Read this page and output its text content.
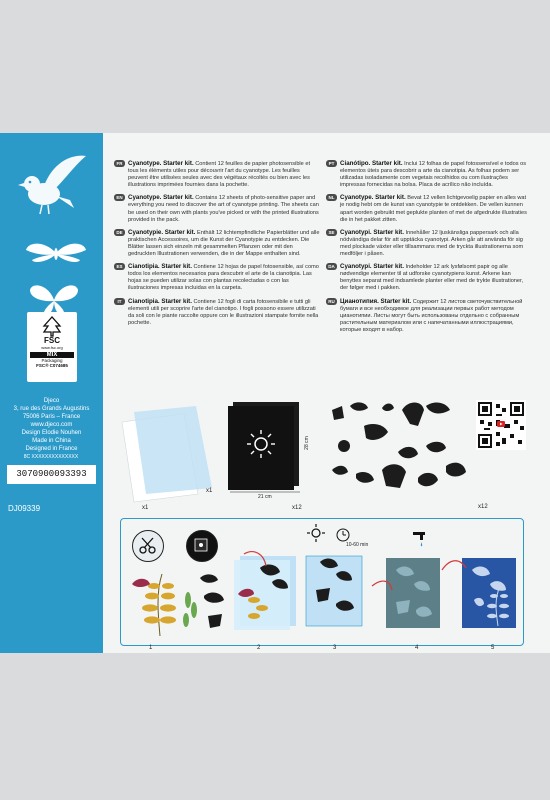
FSC
www.fsc.org
MIX
Packaging
FSC® C074685
Djeco
3, rue des Grands Augustins
75006 Paris – France
www.djeco.com
Design Elodie Nouhen
Made in China
Designed in France
8C XXXXXXXXXXXXXX
3070900093393
DJ09339
FR Cyanotype. Starter kit. Contient 12 feuilles de papier photosensible et tous les éléments utiles pour découvrir l'art du cyanotype. Les feuilles peuvent être utilisées seules avec des végétaux récoltés ou bien avec les illustrations imprimées fournies dans la pochette.
EN Cyanotype. Starter kit. Contains 12 sheets of photo-sensitive paper and everything you need to discover the art of cyanotype printing. The sheets can be used on their own with plants you've picked or with the printed illustrations provided in the pack.
DE Cyanotypie. Starter kit. Enthält 12 lichtempfindliche Papierblätter und alle praktischen Accessoires, um die Kunst der Cyanotypie zu entdecken. Die Blätter lassen sich einzeln mit gesammelten Pflanzen oder mit den gedruckten Illustrationen verwenden, die in der Mappe enthalten sind.
ES Cianotipia. Starter kit. Contiene 12 hojas de papel fotosensible, así como todos los elementos necesarios para descubrir el arte de la cianotipia. Las hojas se pueden utilizar solas con plantas recolectadas o con las ilustraciones impresas incluidas en la carpeta.
IT	Cianotipia. Starter kit. Contiene 12 fogli di carta fotosensibile e tutti gli elementi utili per scoprire l'arte del cianotipo. I fogli possono essere utilizzati da soli con le piante raccolte oppure con le illustrazioni stampate fornite nella pochette.
PT Cianótipo. Starter kit. Inclui 12 folhas de papel fotossensível e todos os elementos úteis para descobrir a arte da cianotipia. As folhas podem ser utilizadas isoladamente com vegetais recolhidos ou com ilustrações impressas fornecidas na bolsa. Placa de acrílico não incluída.
NL Cyanotype. Starter kit. Bevat 12 vellen lichtgevoelig papier en alles wat je nodig hebt om de kunst van cyanotypie te ontdekken. De vellen kunnen apart worden gebruikt met geplukte planten of met de afgedrukte illustraties die in het pakket zitten.
SE Cyanotypi. Starter kit. Innehåller 12 ljuskänsliga pappersark och alla nödvändiga delar för att upptäcka cyanotypi. Arken går att använda för sig med plockade växter eller tillsammans med de tryckta illustrationerna som medföljer i påsen.
DA Cyanotypi. Starter kit. Indeholder 12 ark lysfølsomt papir og alle nødvendige elementer til at udforske cyanotypiens kunst. Arkene kan benyttes separat med indsamlede planter eller med de trykte illustrationer, der følger med i pakken.
RU Цианотипия. Starter kit. Содержит 12 листов светочувствительной бумаги и все необходимое для реализации первых работ методом цианотипии. Листы могут быть использованы отдельно с собранным растительным материалом или с напечатанными иллюстрациями, которые входят в набор.
x1
x1
21 cm
28 cm
x12	x12
10-60 min
1	2	3	4	5
